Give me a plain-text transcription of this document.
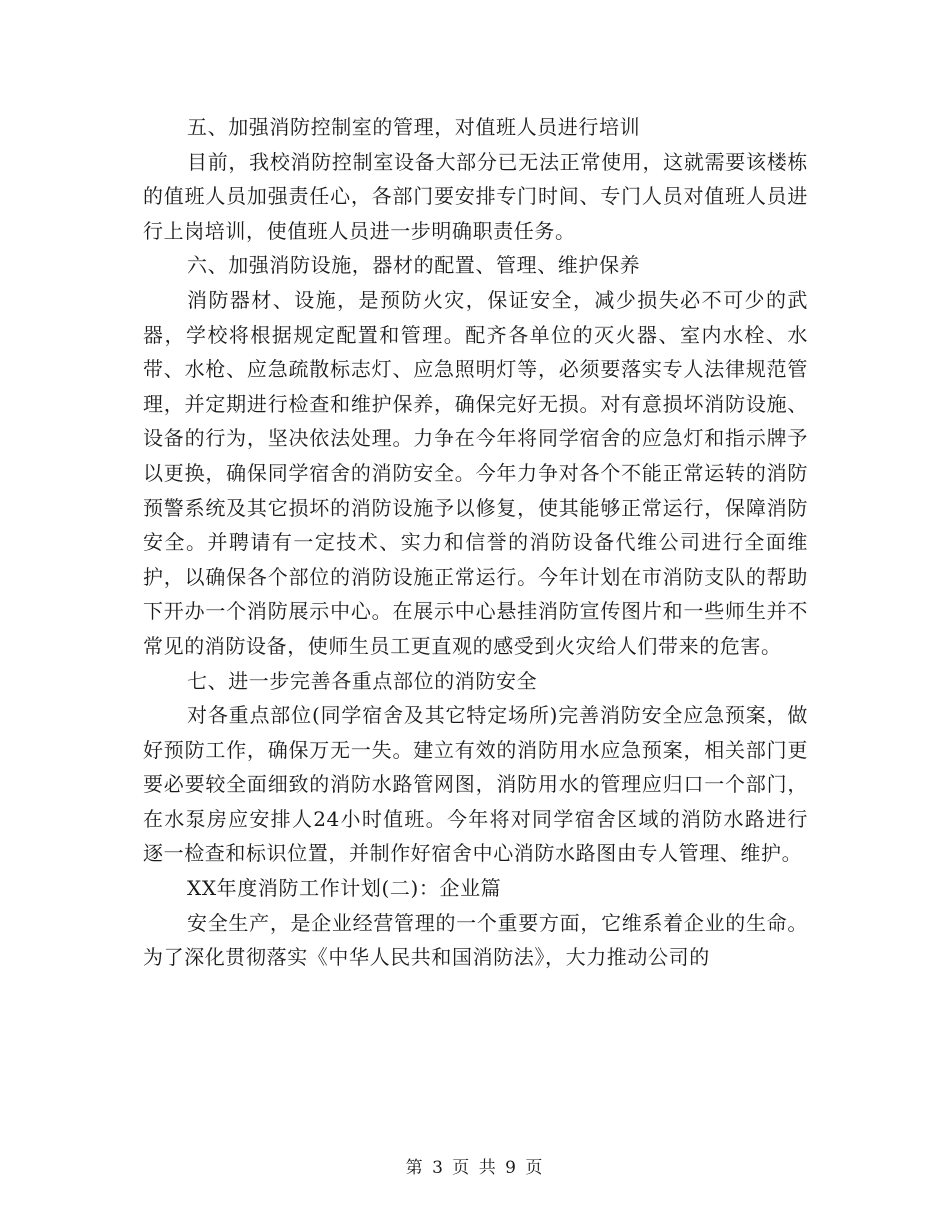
五、加强消防控制室的管理，对值班人员进行培训

目前，我校消防控制室设备大部分已无法正常使用，这就需要该楼栋的值班人员加强责任心，各部门要安排专门时间、专门人员对值班人员进行上岗培训，使值班人员进一步明确职责任务。

六、加强消防设施，器材的配置、管理、维护保养

消防器材、设施，是预防火灾，保证安全，减少损失必不可少的武器，学校将根据规定配置和管理。配齐各单位的灭火器、室内水栓、水带、水枪、应急疏散标志灯、应急照明灯等，必须要落实专人法律规范管理，并定期进行检查和维护保养，确保完好无损。对有意损坏消防设施、设备的行为，坚决依法处理。力争在今年将同学宿舍的应急灯和指示牌予以更换，确保同学宿舍的消防安全。今年力争对各个不能正常运转的消防预警系统及其它损坏的消防设施予以修复，使其能够正常运行，保障消防安全。并聘请有一定技术、实力和信誉的消防设备代维公司进行全面维护，以确保各个部位的消防设施正常运行。今年计划在市消防支队的帮助下开办一个消防展示中心。在展示中心悬挂消防宣传图片和一些师生并不常见的消防设备，使师生员工更直观的感受到火灾给人们带来的危害。

七、进一步完善各重点部位的消防安全

对各重点部位(同学宿舍及其它特定场所)完善消防安全应急预案，做好预防工作，确保万无一失。建立有效的消防用水应急预案，相关部门更要必要较全面细致的消防水路管网图，消防用水的管理应归口一个部门，在水泵房应安排人24小时值班。今年将对同学宿舍区域的消防水路进行逐一检查和标识位置，并制作好宿舍中心消防水路图由专人管理、维护。

XX年度消防工作计划(二)：企业篇

安全生产，是企业经营管理的一个重要方面，它维系着企业的生命。为了深化贯彻落实《中华人民共和国消防法》，大力推动公司的

第 3 页 共 9 页
